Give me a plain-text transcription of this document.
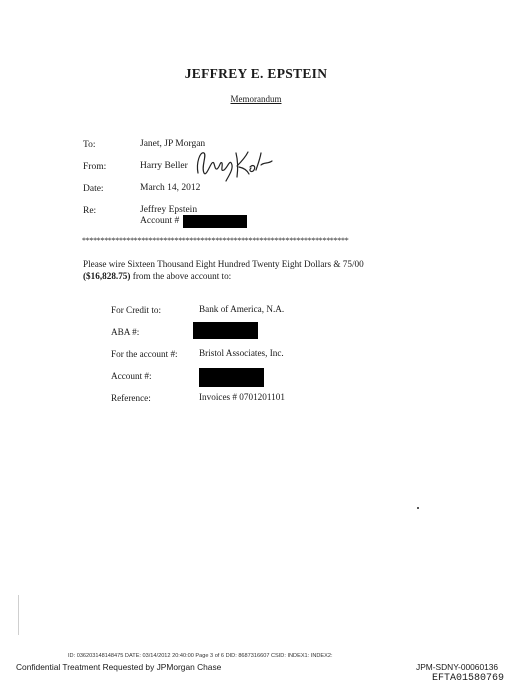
JEFFREY E. EPSTEIN
Memorandum
To:	Janet, JP Morgan
From:	Harry Beller
Date:	March 14, 2012
Re:	Jeffrey Epstein
Account #
************************************************************************
Please wire Sixteen Thousand Eight Hundred Twenty Eight Dollars & 75/00
($16,828.75) from the above account to:
For Credit to:	Bank of America, N.A.
ABA #:
For the account #: Bristol Associates, Inc.
Account #:
Reference:	Invoices # 0701201101
ID: 036203148148475 DATE: 03/14/2012 20:40:00 Page 3 of 6 DID: 8687316607 CSID: INDEX1: INDEX2:
Confidential Treatment Requested by JPMorgan Chase	JPM-SDNY-00060136
EFTA01580769
